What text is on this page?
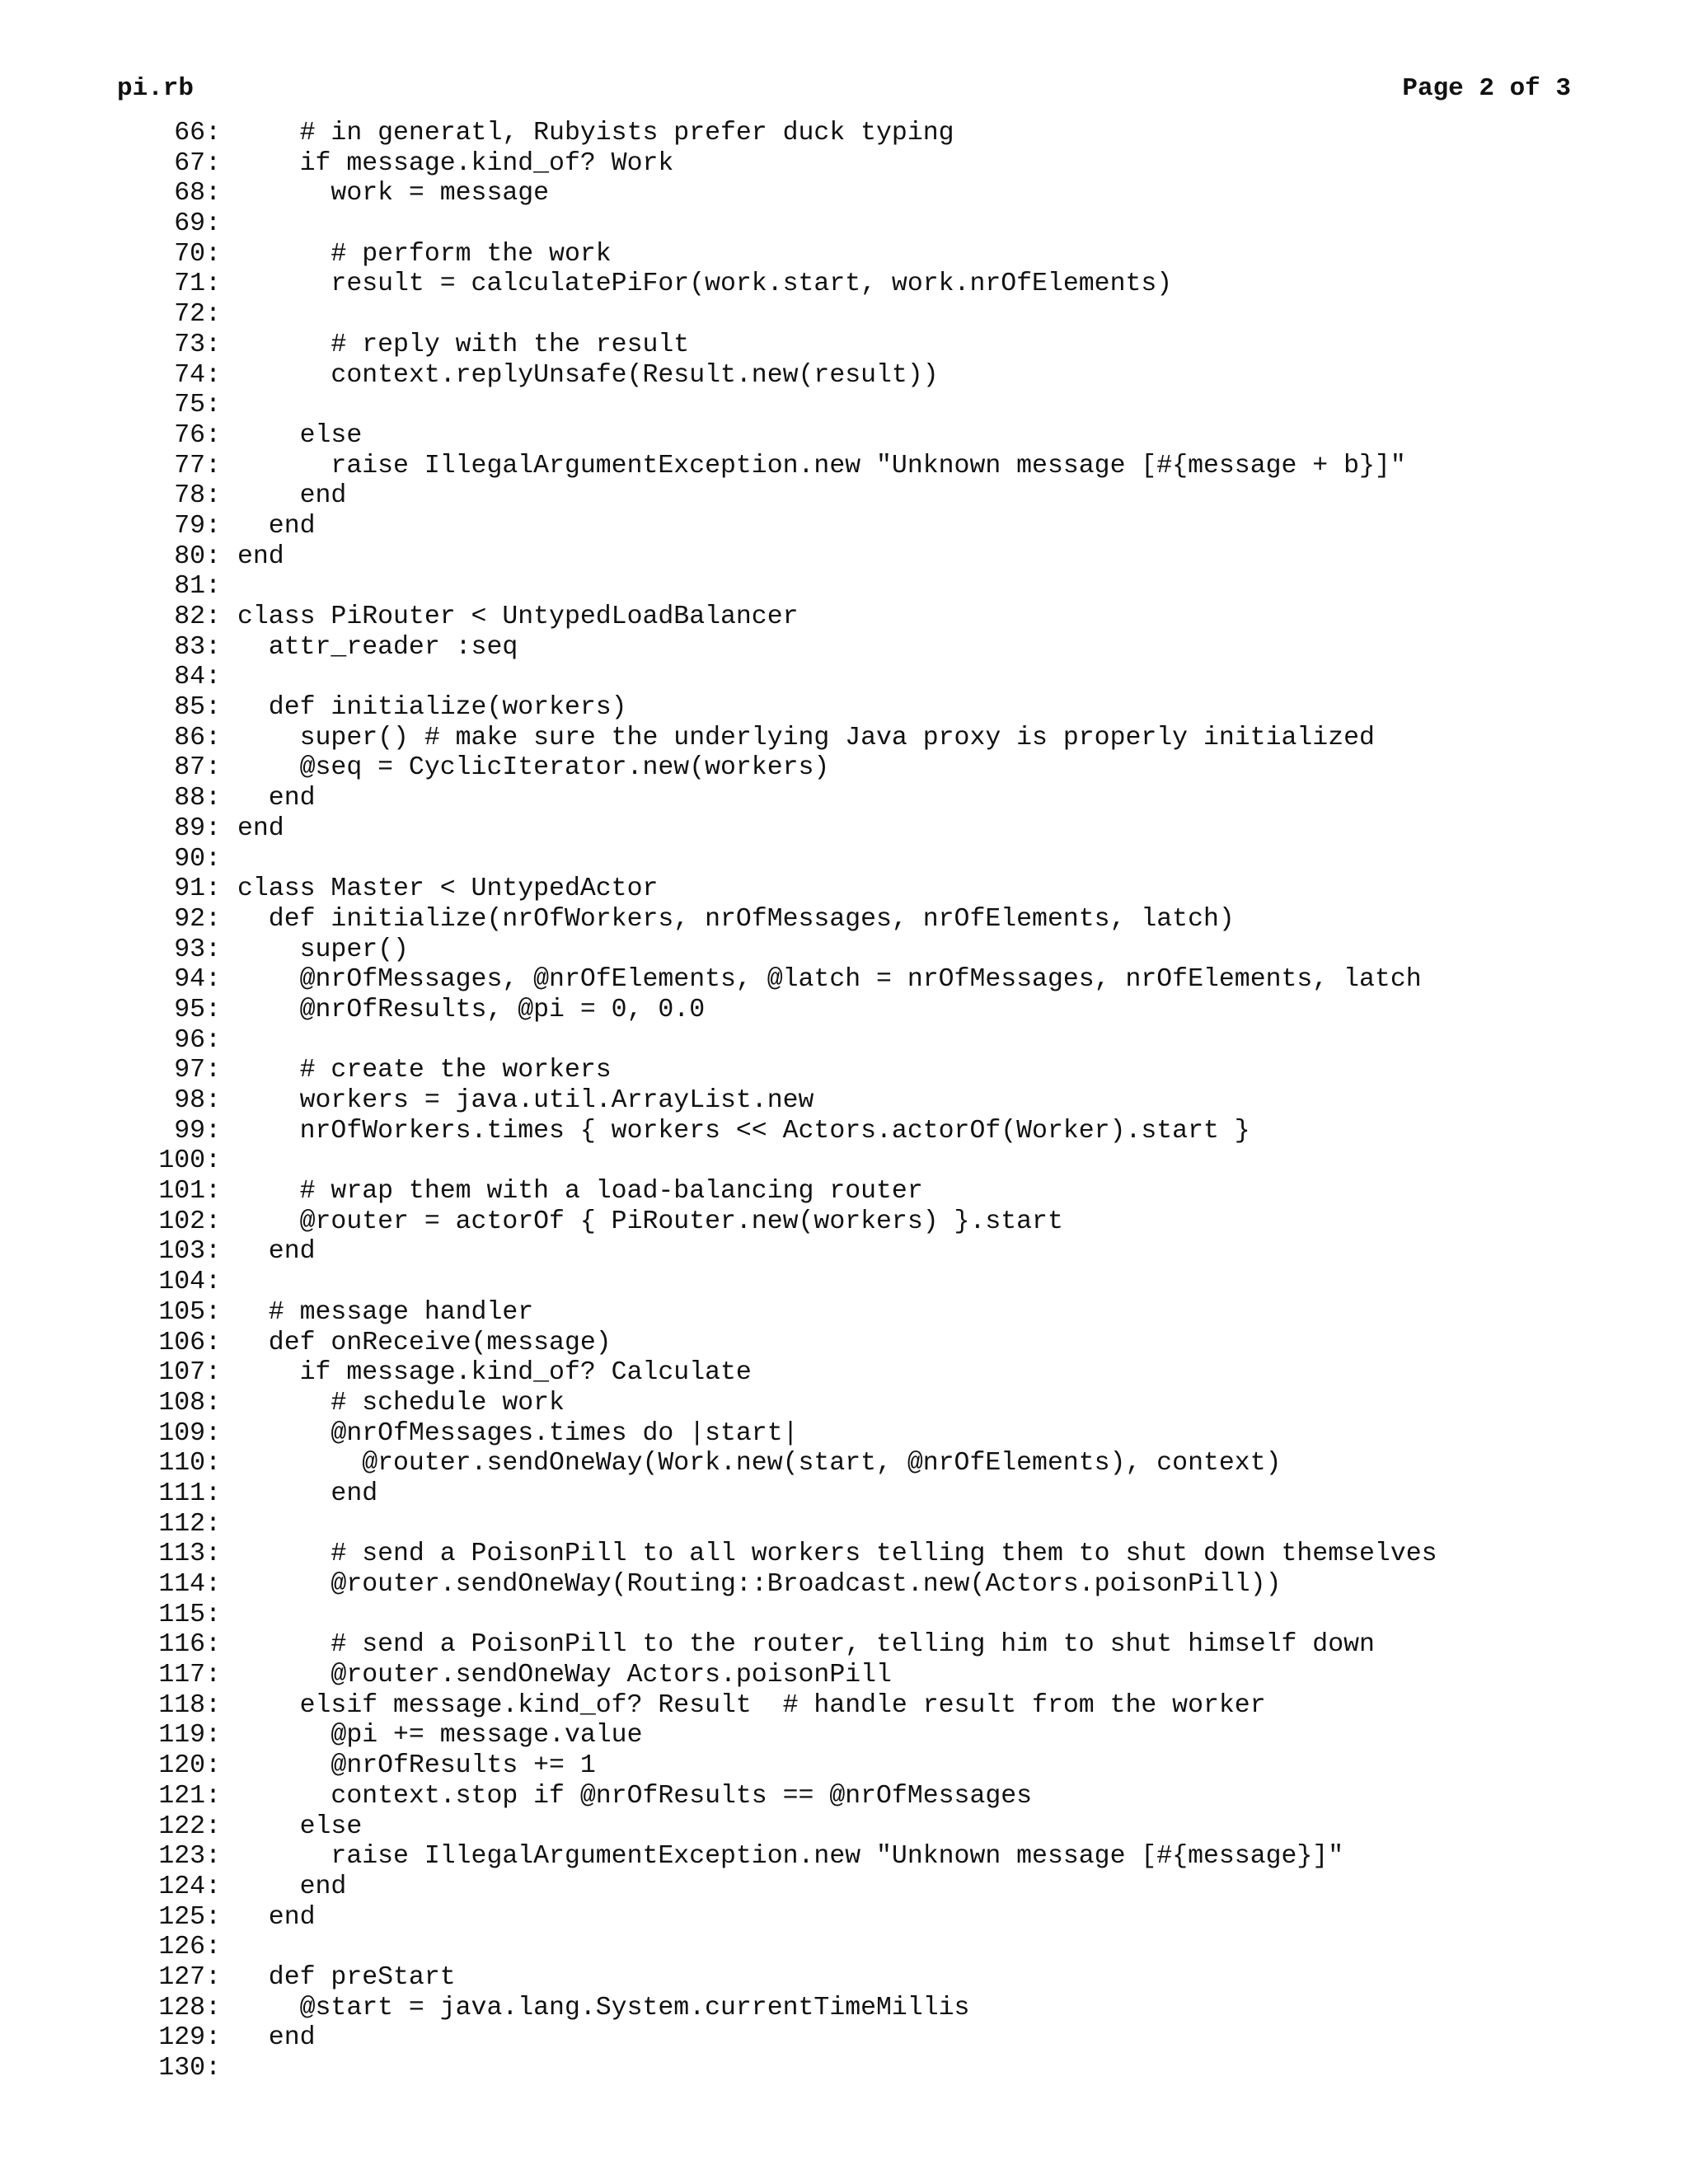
pi.rb	Page 2 of 3
66: # in generatl, Rubyists prefer duck typing
67: if message.kind_of? Work
68: work = message
69:
70: # perform the work
71: result = calculatePiFor(work.start, work.nrOfElements)
72:
73: # reply with the result
74: context.replyUnsafe(Result.new(result))
75:
76: else
77: raise IllegalArgumentException.new "Unknown message [#{message + b}]"
78: end
79: end
80: end
81:
82: class PiRouter < UntypedLoadBalancer
83: attr_reader :seq
84:
85: def initialize(workers)
86: super() # make sure the underlying Java proxy is properly initialized
87: @seq = CyclicIterator.new(workers)
88: end
89: end
90:
91: class Master < UntypedActor
92: def initialize(nrOfWorkers, nrOfMessages, nrOfElements, latch)
93: super()
94: @nrOfMessages, @nrOfElements, @latch = nrOfMessages, nrOfElements, latch
95: @nrOfResults, @pi = 0, 0.0
96:
97: # create the workers
98: workers = java.util.ArrayList.new
99: nrOfWorkers.times { workers << Actors.actorOf(Worker).start }
100:
101: # wrap them with a load-balancing router
102: @router = actorOf { PiRouter.new(workers) }.start
103: end
104:
105: # message handler
106: def onReceive(message)
107: if message.kind_of? Calculate
108: # schedule work
109: @nrOfMessages.times do |start|
110: @router.sendOneWay(Work.new(start, @nrOfElements), context)
111: end
112:
113: # send a PoisonPill to all workers telling them to shut down themselves
114: @router.sendOneWay(Routing::Broadcast.new(Actors.poisonPill))
115:
116: # send a PoisonPill to the router, telling him to shut himself down
117: @router.sendOneWay Actors.poisonPill
118: elsif message.kind_of? Result  # handle result from the worker
119: @pi += message.value
120: @nrOfResults += 1
121: context.stop if @nrOfResults == @nrOfMessages
122: else
123: raise IllegalArgumentException.new "Unknown message [#{message}]"
124: end
125: end
126:
127: def preStart
128: @start = java.lang.System.currentTimeMillis
129: end
130:
